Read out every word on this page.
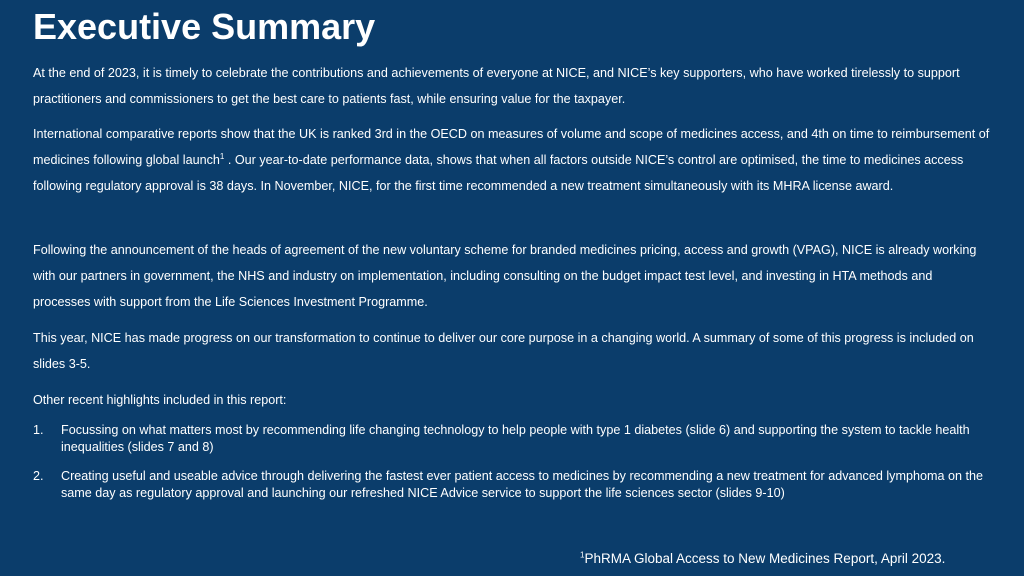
Executive Summary
At the end of 2023, it is timely to celebrate the contributions and achievements of everyone at NICE, and NICE’s key supporters, who have worked tirelessly to support practitioners and commissioners to get the best care to patients fast, while ensuring value for the taxpayer.
International comparative reports show that the UK is ranked 3rd in the OECD on measures of volume and scope of medicines access, and 4th on time to reimbursement of medicines following global launch$^1$ . Our year-to-date performance data, shows that when all factors outside NICE’s control are optimised, the time to medicines access following regulatory approval is 38 days. In November, NICE, for the first time recommended a new treatment simultaneously with its MHRA license award.
Following the announcement of the heads of agreement of the new voluntary scheme for branded medicines pricing, access and growth (VPAG), NICE is already working with our partners in government, the NHS and industry on implementation, including consulting on the budget impact test level, and investing in HTA methods and processes with support from the Life Sciences Investment Programme.
This year, NICE has made progress on our transformation to continue to deliver our core purpose in a changing world. A summary of some of this progress is included on slides 3-5.
Other recent highlights included in this report:
1.	Focussing on what matters most by recommending life changing technology to help people with type 1 diabetes (slide 6) and supporting the system to tackle health inequalities (slides 7 and 8)
2.	Creating useful and useable advice through delivering the fastest ever patient access to medicines by recommending a new treatment for advanced lymphoma on the same day as regulatory approval and launching our refreshed NICE Advice service to support the life sciences sector (slides 9-10)
$^1$PhRMA Global Access to New Medicines Report, April 2023.
